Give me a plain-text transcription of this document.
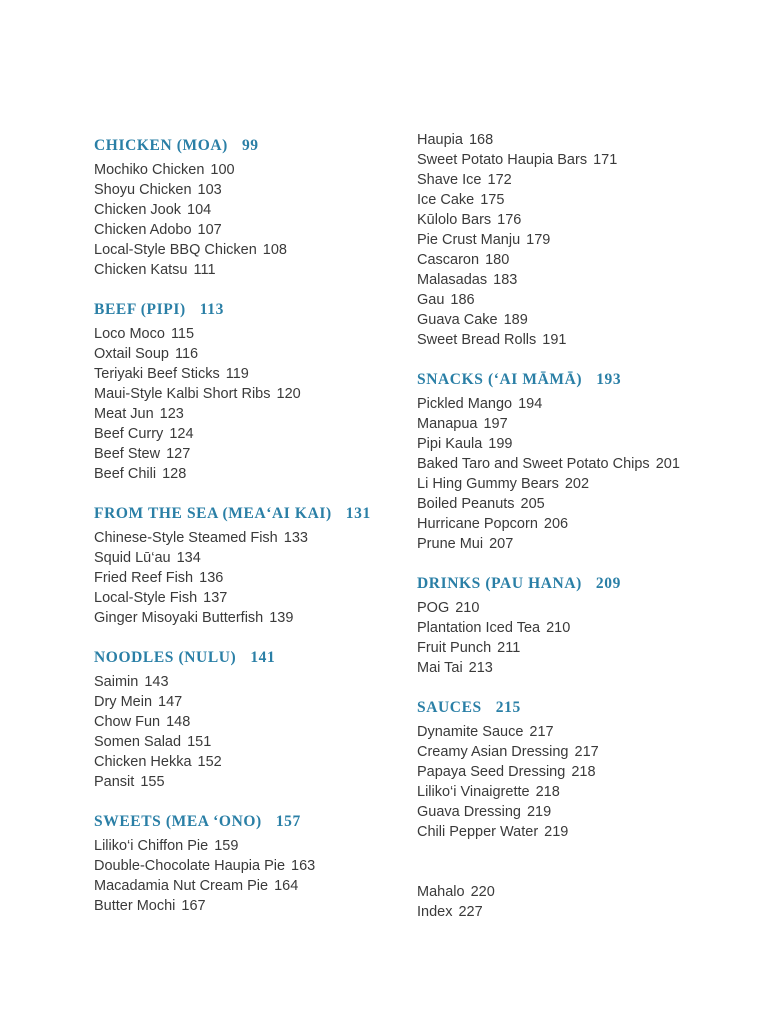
CHICKEN (MOA) 99
Mochiko Chicken 100
Shoyu Chicken 103
Chicken Jook 104
Chicken Adobo 107
Local-Style BBQ Chicken 108
Chicken Katsu 111
BEEF (PIPI) 113
Loco Moco 115
Oxtail Soup 116
Teriyaki Beef Sticks 119
Maui-Style Kalbi Short Ribs 120
Meat Jun 123
Beef Curry 124
Beef Stew 127
Beef Chili 128
FROM THE SEA (MEA‘AI KAI) 131
Chinese-Style Steamed Fish 133
Squid Lū‘au 134
Fried Reef Fish 136
Local-Style Fish 137
Ginger Misoyaki Butterfish 139
NOODLES (NULU) 141
Saimin 143
Dry Mein 147
Chow Fun 148
Somen Salad 151
Chicken Hekka 152
Pansit 155
SWEETS (MEA ‘ONO) 157
Liliko‘i Chiffon Pie 159
Double-Chocolate Haupia Pie 163
Macadamia Nut Cream Pie 164
Butter Mochi 167
Haupia 168
Sweet Potato Haupia Bars 171
Shave Ice 172
Ice Cake 175
Kūlolo Bars 176
Pie Crust Manju 179
Cascaron 180
Malasadas 183
Gau 186
Guava Cake 189
Sweet Bread Rolls 191
SNACKS (‘AI MĀMĀ) 193
Pickled Mango 194
Manapua 197
Pipi Kaula 199
Baked Taro and Sweet Potato Chips 201
Li Hing Gummy Bears 202
Boiled Peanuts 205
Hurricane Popcorn 206
Prune Mui 207
DRINKS (PAU HANA) 209
POG 210
Plantation Iced Tea 210
Fruit Punch 211
Mai Tai 213
SAUCES 215
Dynamite Sauce 217
Creamy Asian Dressing 217
Papaya Seed Dressing 218
Liliko‘i Vinaigrette 218
Guava Dressing 219
Chili Pepper Water 219
Mahalo 220
Index 227
